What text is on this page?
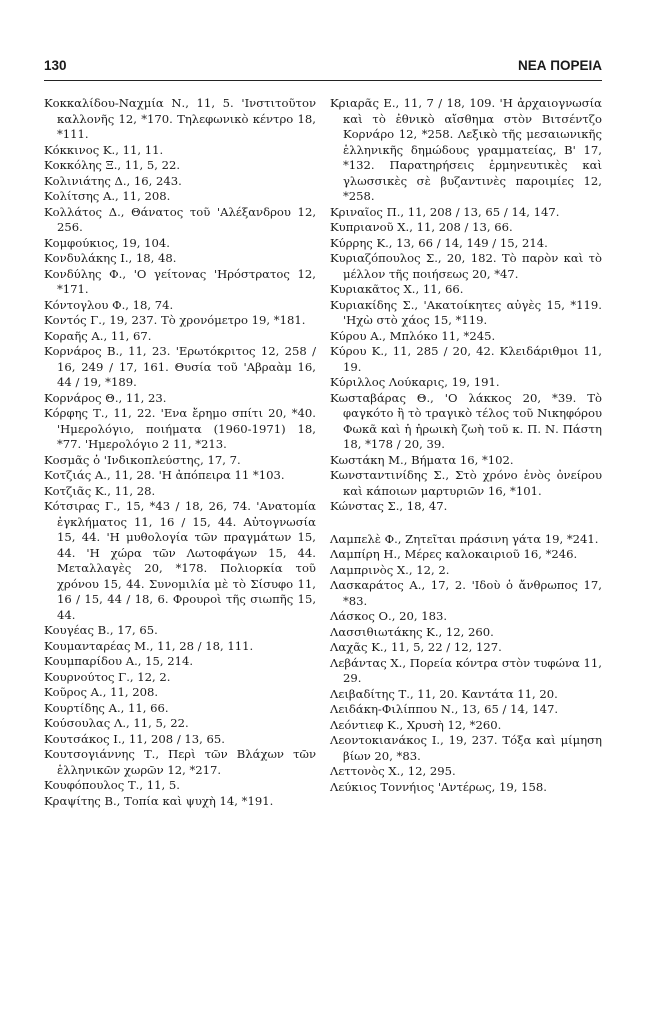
130	ΝΕΑ ΠΟΡΕΙΑ

Κοκκαλίδου-Ναχμία Ν., 11, 5. 'Ινστιτοῦτον καλλονῆς 12, *170. Τηλεφωνικὸ κέντρο 18, *111.

Κόκκινος Κ., 11, 11.

Κοκκόλης Ξ., 11, 5, 22.

Κολινιάτης Δ., 16, 243.

Κολίτσης Α., 11, 208.

Κολλάτος Δ., Θάνατος τοῦ 'Αλέξανδρου 12, 256.

Κομφούκιος, 19, 104.

Κονδυλάκης Ι., 18, 48.

Κονδύλης Φ., 'Ο γείτονας 'Ηρόστρατος 12, *171.

Κόντογλου Φ., 18, 74.

Κοντός Γ., 19, 237. Τὸ χρονόμετρο 19, *181.

Κοραῆς Α., 11, 67.

Κορνάρος Β., 11, 23. 'Ερωτόκριτος 12, 258 / 16, 249 / 17, 161. Θυσία τοῦ 'Αβραὰμ 16, 44 / 19, *189.

Κορνάρος Θ., 11, 23.

Κόρφης Τ., 11, 22. 'Ενα ἔρημο σπίτι 20, *40. 'Ημερολόγιο, ποιήματα (1960-1971) 18, *77. 'Ημερολόγιο 2 11, *213.

Κοσμᾶς ὁ 'Ινδικοπλεύστης, 17, 7.

Κοτζιάς Α., 11, 28. 'Η ἀπόπειρα 11 *103.

Κοτζιᾶς Κ., 11, 28.

Κότσιρας Γ., 15, *43 / 18, 26, 74. 'Ανατομία ἐγκλήματος 11, 16 / 15, 44. Αὐτογνωσία 15, 44. 'Η μυθολογία τῶν πραγμάτων 15, 44. 'Η χώρα τῶν Λωτοφάγων 15, 44. Μεταλλαγὲς 20, *178. Πολιορκία τοῦ χρόνου 15, 44. Συνομιλία μὲ τὸ Σίσυφο 11, 16 / 15, 44 / 18, 6. Φρουροὶ τῆς σιωπῆς 15, 44.

Κουγέας Β., 17, 65.

Κουμανταρέας Μ., 11, 28 / 18, 111.

Κουμπαρίδου Α., 15, 214.

Κουρνούτος Γ., 12, 2.

Κοῦρος Α., 11, 208.

Κουρτίδης Α., 11, 66.

Κούσουλας Λ., 11, 5, 22.

Κουτσάκος Ι., 11, 208 / 13, 65.

Κουτσογιάννης Τ., Περὶ τῶν Βλάχων τῶν ἑλληνικῶν χωρῶν 12, *217.

Κουφόπουλος Τ., 11, 5.

Κραψίτης Β., Τοπία καὶ ψυχὴ 14, *191.

Κριαρᾶς Ε., 11, 7 / 18, 109. 'Η ἀρχαιογνωσία καὶ τὸ ἐθνικὸ αἴσθημα στὸν Βιτσέντζο Κορνάρο 12, *258. Λεξικὸ τῆς μεσαιωνικῆς ἑλληνικῆς δημώδους γραμματείας, Β' 17, *132. Παρατηρήσεις ἑρμηνευτικὲς καὶ γλωσσικὲς σὲ βυζαντινὲς παροιμίες 12, *258.

Κριναῖος Π., 11, 208 / 13, 65 / 14, 147.

Κυπριανοῦ Χ., 11, 208 / 13, 66.

Κύρρης Κ., 13, 66 / 14, 149 / 15, 214.

Κυριαζόπουλος Σ., 20, 182. Τὸ παρὸν καὶ τὸ μέλλον τῆς ποιήσεως 20, *47.

Κυριακᾶτος Χ., 11, 66.

Κυριακίδης Σ., 'Ακατοίκητες αὐγὲς 15, *119. 'Ηχὼ στὸ χάος 15, *119.

Κύρου Α., Μπλόκο 11, *245.

Κύρου Κ., 11, 285 / 20, 42. Κλειδάριθμοι 11, 19.

Κύριλλος Λούκαρις, 19, 191.

Κωσταβάρας Θ., 'Ο λάκκος 20, *39. Τὸ φαγκότο ἢ τὸ τραγικὸ τέλος τοῦ Νικηφόρου Φωκᾶ καὶ ἡ ἡρωικὴ ζωὴ τοῦ κ. Π. Ν. Πάστη 18, *178 / 20, 39.

Κωστάκη Μ., Βήματα 16, *102.

Κωνσταντινίδης Σ., Στὸ χρόνο ἑνὸς ὀνείρου καὶ κάποιων μαρτυριῶν 16, *101.

Κώνστας Σ., 18, 47.

Λαμπελὲ Φ., Ζητεῖται πράσινη γάτα 19, *241.

Λαμπίρη Η., Μέρες καλοκαιριοῦ 16, *246.

Λαμπρινὸς Χ., 12, 2.

Λασκαράτος Α., 17, 2. 'Ιδοὺ ὁ ἄνθρωπος 17, *83.

Λάσκος Ο., 20, 183.

Λασσιθιωτάκης Κ., 12, 260.

Λαχᾶς Κ., 11, 5, 22 / 12, 127.

Λεβάντας Χ., Πορεία κόντρα στὸν τυφώνα 11, 29.

Λειβαδίτης Τ., 11, 20. Καντάτα 11, 20.

Λειδάκη-Φιλίππου Ν., 13, 65 / 14, 147.

Λεόντιεφ Κ., Χρυσὴ 12, *260.

Λεοντοκιανάκος Ι., 19, 237. Τόξα καὶ μίμηση βίων 20, *83.

Λεττονὸς Χ., 12, 295.

Λεύκιος Τοννήιος 'Αντέρως, 19, 158.
